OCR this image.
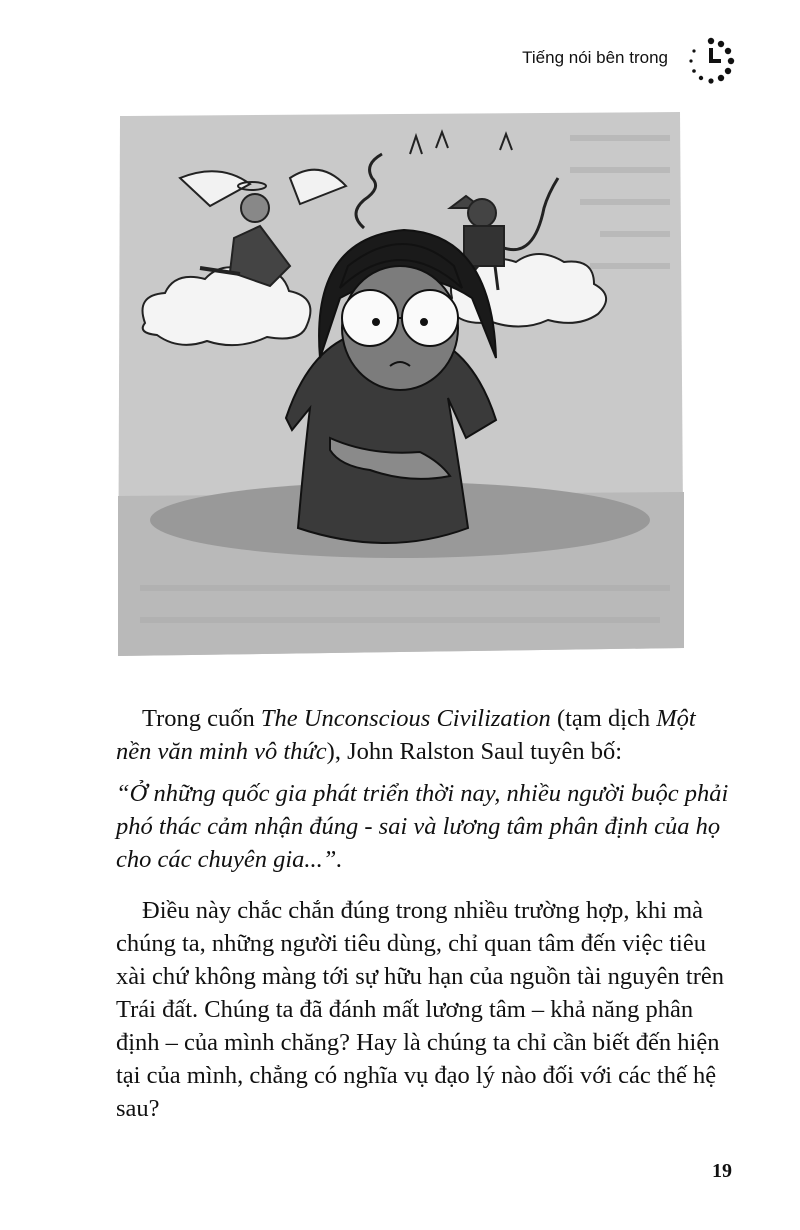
Tiếng nói bên trong
Trong cuốn The Unconscious Civilization (tạm dịch Một nền văn minh vô thức), John Ralston Saul tuyên bố:
“Ở những quốc gia phát triển thời nay, nhiều người buộc phải phó thác cảm nhận đúng - sai và lương tâm phân định của họ cho các chuyên gia...”.
Điều này chắc chắn đúng trong nhiều trường hợp, khi mà chúng ta, những người tiêu dùng, chỉ quan tâm đến việc tiêu xài chứ không màng tới sự hữu hạn của nguồn tài nguyên trên Trái đất. Chúng ta đã đánh mất lương tâm – khả năng phân định – của mình chăng? Hay là chúng ta chỉ cần biết đến hiện tại của mình, chẳng có nghĩa vụ đạo lý nào đối với các thế hệ sau?
19
